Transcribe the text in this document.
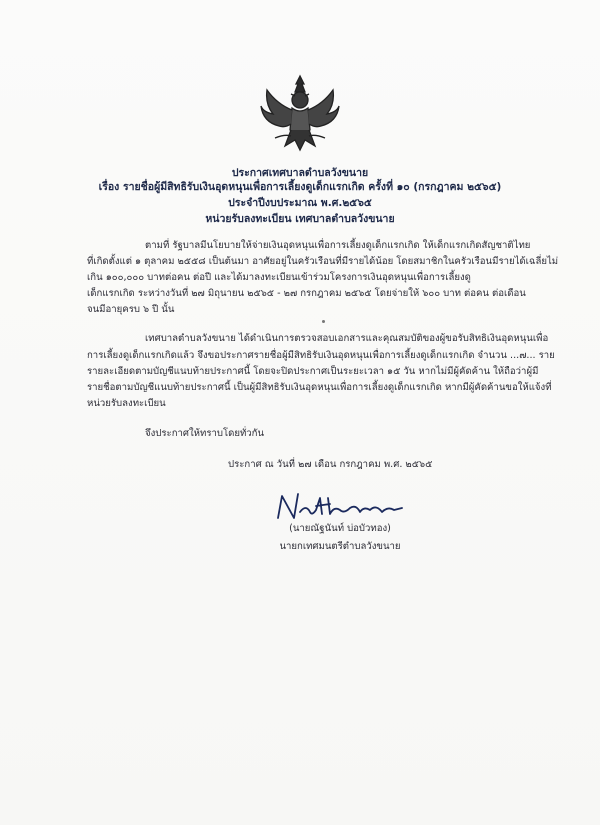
ประกาศเทศบาลตำบลวังขนาย
เรื่อง รายชื่อผู้มีสิทธิรับเงินอุดหนุนเพื่อการเลี้ยงดูเด็กแรกเกิด ครั้งที่ ๑๐ (กรกฎาคม ๒๕๖๕)
ประจำปีงบประมาณ พ.ศ.๒๕๖๕
หน่วยรับลงทะเบียน เทศบาลตำบลวังขนาย
ตามที่ รัฐบาลมีนโยบายให้จ่ายเงินอุดหนุนเพื่อการเลี้ยงดูเด็กแรกเกิด ให้เด็กแรกเกิดสัญชาติไทย
ที่เกิดตั้งแต่ ๑ ตุลาคม ๒๕๕๘ เป็นต้นมา อาศัยอยู่ในครัวเรือนที่มีรายได้น้อย โดยสมาชิกในครัวเรือนมีรายได้เฉลี่ยไม่
เกิน ๑๐๐,๐๐๐ บาทต่อคน ต่อปี และได้มาลงทะเบียนเข้าร่วมโครงการเงินอุดหนุนเพื่อการเลี้ยงดู
เด็กแรกเกิด ระหว่างวันที่ ๒๗ มิถุนายน ๒๕๖๕ - ๒๗ กรกฎาคม ๒๕๖๕ โดยจ่ายให้ ๖๐๐ บาท ต่อคน ต่อเดือน
จนมีอายุครบ ๖ ปี นั้น
เทศบาลตำบลวังขนาย ได้ดำเนินการตรวจสอบเอกสารและคุณสมบัติของผู้ขอรับสิทธิเงินอุดหนุนเพื่อ
การเลี้ยงดูเด็กแรกเกิดแล้ว จึงขอประกาศรายชื่อผู้มีสิทธิรับเงินอุดหนุนเพื่อการเลี้ยงดูเด็กแรกเกิด จำนวน ...๗... ราย
รายละเอียดตามบัญชีแนบท้ายประกาศนี้ โดยจะปิดประกาศเป็นระยะเวลา ๑๕ วัน หากไม่มีผู้คัดค้าน ให้ถือว่าผู้มี
รายชื่อตามบัญชีแนบท้ายประกาศนี้ เป็นผู้มีสิทธิรับเงินอุดหนุนเพื่อการเลี้ยงดูเด็กแรกเกิด หากมีผู้คัดค้านขอให้แจ้งที่
หน่วยรับลงทะเบียน
จึงประกาศให้ทราบโดยทั่วกัน
ประกาศ ณ วันที่ ๒๗ เดือน กรกฎาคม พ.ศ. ๒๕๖๕
(นายณัฐนันท์ บ่อบัวทอง)
นายกเทศมนตรีตำบลวังขนาย
